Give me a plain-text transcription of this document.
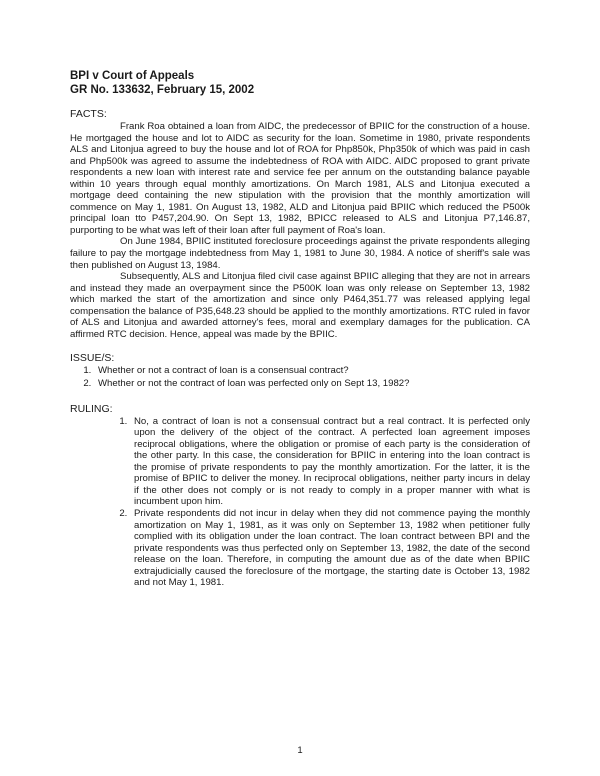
BPI v Court of Appeals
GR No. 133632, February 15, 2002
FACTS:

Frank Roa obtained a loan from AIDC, the predecessor of BPIIC for the construction of a house. He mortgaged the house and lot to AIDC as security for the loan. Sometime in 1980, private respondents ALS and Litonjua agreed to buy the house and lot of ROA for Php850k, Php350k of which was paid in cash and Php500k was agreed to assume the indebtedness of ROA with AIDC. AIDC proposed to grant private respondents a new loan with interest rate and service fee per annum on the outstanding balance payable within 10 years through equal monthly amortizations. On March 1981, ALS and Litonjua executed a mortgage deed containing the new stipulation with the provision that the monthly amortization will commence on May 1, 1981. On August 13, 1982, ALD and Litonjua paid BPIIC which reduced the P500k principal loan tto P457,204.90. On Sept 13, 1982, BPICC released to ALS and Litonjua P7,146.87, purporting to be what was left of their loan after full payment of Roa's loan.

On June 1984, BPIIC instituted foreclosure proceedings against the private respondents alleging failure to pay the mortgage indebtedness from May 1, 1981 to June 30, 1984. A notice of sheriff's sale was then published on August 13, 1984.

Subsequently, ALS and Litonjua filed civil case against BPIIC alleging that they are not in arrears and instead they made an overpayment since the P500K loan was only release on September 13, 1982 which marked the start of the amortization and since only P464,351.77 was released applying legal compensation the balance of P35,648.23 should be applied to the monthly amortizations. RTC ruled in favor of ALS and Litonjua and awarded attorney's fees, moral and exemplary damages for the publication. CA affirmed RTC decision. Hence, appeal was made by the BPIIC.

ISSUE/S:
1. Whether or not a contract of loan is a consensual contract?
2. Whether or not the contract of loan was perfected only on Sept 13, 1982?
RULING:
1. No, a contract of loan is not a consensual contract but a real contract. It is perfected only upon the delivery of the object of the contract. A perfected loan agreement imposes reciprocal obligations, where the obligation or promise of each party is the consideration of the other party. In this case, the consideration for BPIIC in entering into the loan contract is the promise of private respondents to pay the monthly amortization. For the latter, it is the promise of BPIIC to deliver the money. In reciprocal obligations, neither party incurs in delay if the other does not comply or is not ready to comply in a proper manner with what is incumbent upon him.
2. Private respondents did not incur in delay when they did not commence paying the monthly amortization on May 1, 1981, as it was only on September 13, 1982 when petitioner fully complied with its obligation under the loan contract. The loan contract between BPI and the private respondents was thus perfected only on September 13, 1982, the date of the second release on the loan. Therefore, in computing the amount due as of the date when BPIIC extrajudicially caused the foreclosure of the mortgage, the starting date is October 13, 1982 and not May 1, 1981.
1
